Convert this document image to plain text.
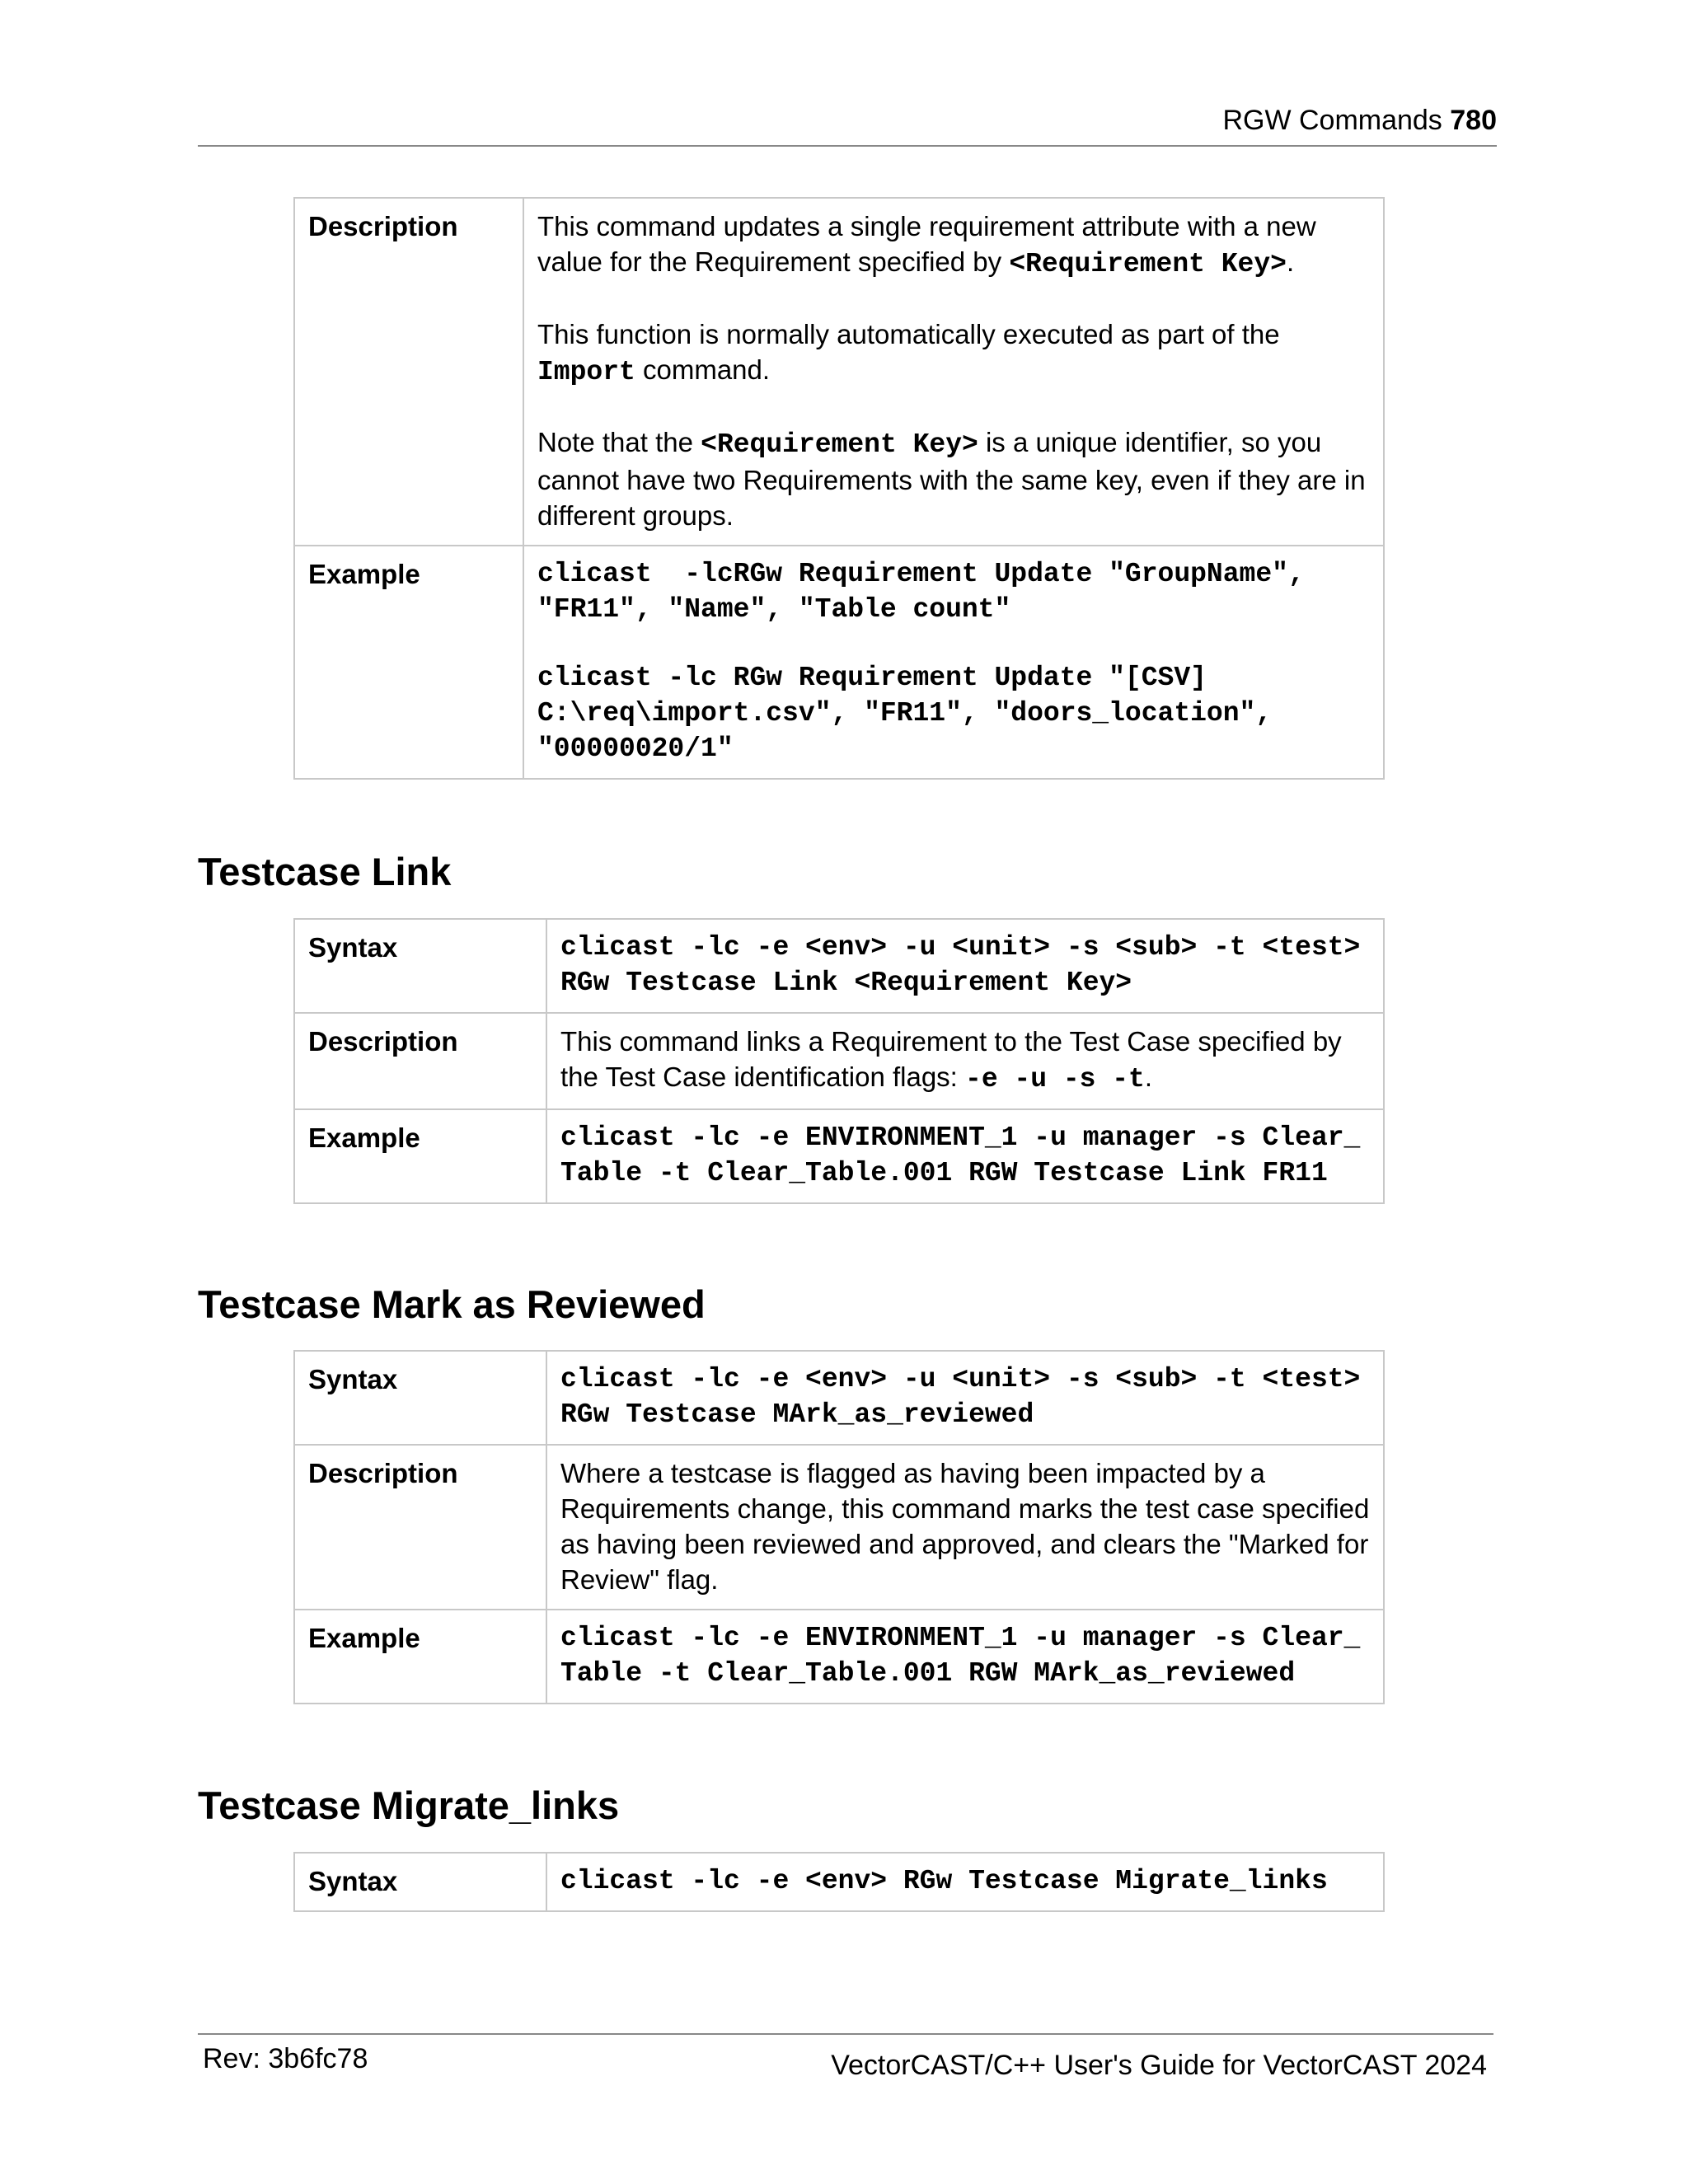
RGW Commands 780
Description	This command updates a single requirement attribute with a new value for the Requirement specified by <Requirement Key>.

This function is normally automatically executed as part of the Import command.

Note that the <Requirement Key> is a unique identifier, so you cannot have two Requirements with the same key, even if they are in different groups.

Example	clicast  -lcRGw Requirement Update "GroupName", "FR11", "Name", "Table count"

clicast -lc RGw Requirement Update "[CSV] C:\req\import.csv", "FR11", "doors_location", "00000020/1"

Testcase Link
Syntax	clicast -lc -e <env> -u <unit> -s <sub> -t <test> RGw Testcase Link <Requirement Key>

Description	This command links a Requirement to the Test Case specified by the Test Case identification flags: -e -u -s -t.
Example	clicast -lc -e ENVIRONMENT_1 -u manager -s Clear_ Table -t Clear_Table.001 RGW Testcase Link FR11

Testcase Mark as Reviewed
Syntax	clicast -lc -e <env> -u <unit> -s <sub> -t <test> RGw Testcase MArk_as_reviewed

Description	Where a testcase is flagged as having been impacted by a Requirements change, this command marks the test case specified as having been reviewed and approved, and clears the "Marked for Review" flag.
Example	clicast -lc -e ENVIRONMENT_1 -u manager -s Clear_ Table -t Clear_Table.001 RGW MArk_as_reviewed

Testcase Migrate_links
Syntax	clicast -lc -e <env> RGw Testcase Migrate_links

Rev: 3b6fc78	VectorCAST/C++ User's Guide for VectorCAST 2024
